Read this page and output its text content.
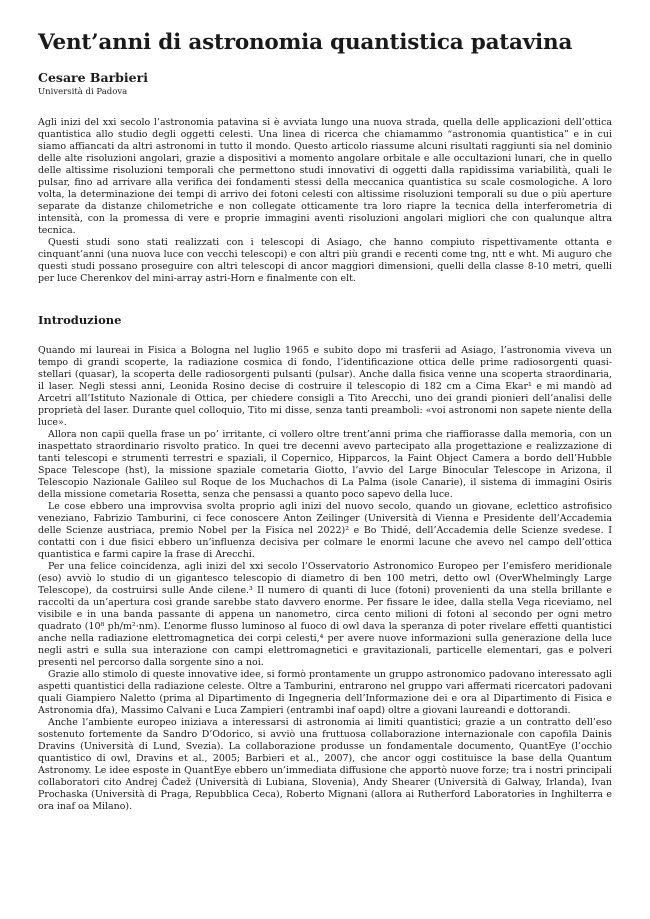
Vent’anni di astronomia quantistica patavina
Cesare Barbieri
Università di Padova

Agli inizi del xxi secolo l’astronomia patavina si è avviata lungo una nuova strada, quella delle applicazioni dell’ottica quantistica allo studio degli oggetti celesti. Una linea di ricerca che chiamammo “astronomia quantistica” e in cui siamo affiancati da altri astronomi in tutto il mondo. Questo articolo riassume alcuni risultati raggiunti sia nel dominio delle alte risoluzioni angolari, grazie a dispositivi a momento angolare orbitale e alle occultazioni lunari, che in quello delle altissime risoluzioni temporali che permettono studi innovativi di oggetti dalla rapidissima variabilità, quali le pulsar, fino ad arrivare alla verifica dei fondamenti stessi della meccanica quantistica su scale cosmologiche. A loro volta, la determinazione dei tempi di arrivo dei fotoni celesti con altissime risoluzioni temporali su due o più aperture separate da distanze chilometriche e non collegate otticamente tra loro riapre la tecnica della interferometria di intensità, con la promessa di vere e proprie immagini aventi risoluzioni angolari migliori che con qualunque altra tecnica.

Questi studi sono stati realizzati con i telescopi di Asiago, che hanno compiuto rispettivamente ottanta e cinquant’anni (una nuova luce con vecchi telescopi) e con altri più grandi e recenti come tng, ntt e wht. Mi auguro che questi studi possano proseguire con altri telescopi di ancor maggiori dimensioni, quelli della classe 8-10 metri, quelli per luce Cherenkov del mini-array astri-Horn e finalmente con elt.

Introduzione

Quando mi laureai in Fisica a Bologna nel luglio 1965 e subito dopo mi trasferii ad Asiago, l’astronomia viveva un tempo di grandi scoperte, la radiazione cosmica di fondo, l’identificazione ottica delle prime radiosorgenti quasi-stellari (quasar), la scoperta delle radiosorgenti pulsanti (pulsar). Anche dalla fisica venne una scoperta straordinaria, il laser. Negli stessi anni, Leonida Rosino decise di costruire il telescopio di 182 cm a Cima Ekar¹ e mi mandò ad Arcetri all’Istituto Nazionale di Ottica, per chiedere consigli a Tito Arecchi, uno dei grandi pionieri dell’analisi delle proprietà del laser. Durante quel colloquio, Tito mi disse, senza tanti preamboli: «voi astronomi non sapete niente della luce».

Allora non capii quella frase un po’ irritante, ci vollero oltre trent’anni prima che riaffiorasse dalla memoria, con un inaspettato straordinario risvolto pratico. In quei tre decenni avevo partecipato alla progettazione e realizzazione di tanti telescopi e strumenti terrestri e spaziali, il Copernico, Hipparcos, la Faint Object Camera a bordo dell’Hubble Space Telescope (hst), la missione spaziale cometaria Giotto, l’avvio del Large Binocular Telescope in Arizona, il Telescopio Nazionale Galileo sul Roque de los Muchachos di La Palma (isole Canarie), il sistema di immagini Osiris della missione cometaria Rosetta, senza che pensassi a quanto poco sapevo della luce.

Le cose ebbero una improvvisa svolta proprio agli inizi del nuovo secolo, quando un giovane, eclettico astrofisico veneziano, Fabrizio Tamburini, ci fece conoscere Anton Zeilinger (Università di Vienna e Presidente dell’Accademia delle Scienze austriaca, premio Nobel per la Fisica nel 2022)² e Bo Thidé, dell’Accademia delle Scienze svedese. I contatti con i due fisici ebbero un’influenza decisiva per colmare le enormi lacune che avevo nel campo dell’ottica quantistica e farmi capire la frase di Arecchi.

Per una felice coincidenza, agli inizi del xxi secolo l’Osservatorio Astronomico Europeo per l’emisfero meridionale (eso) avviò lo studio di un gigantesco telescopio di diametro di ben 100 metri, detto owl (OverWhelmingly Large Telescope), da costruirsi sulle Ande cilene.³ Il numero di quanti di luce (fotoni) provenienti da una stella brillante e raccolti da un’apertura così grande sarebbe stato davvero enorme. Per fissare le idee, dalla stella Vega riceviamo, nel visibile e in una banda passante di appena un nanometro, circa cento milioni di fotoni al secondo per ogni metro quadrato (10⁸ ph/m²·nm). L’enorme flusso luminoso al fuoco di owl dava la speranza di poter rivelare effetti quantistici anche nella radiazione elettromagnetica dei corpi celesti,⁴ per avere nuove informazioni sulla generazione della luce negli astri e sulla sua interazione con campi elettromagnetici e gravitazionali, particelle elementari, gas e polveri presenti nel percorso dalla sorgente sino a noi.

Grazie allo stimolo di queste innovative idee, si formò prontamente un gruppo astronomico padovano interessato agli aspetti quantistici della radiazione celeste. Oltre a Tamburini, entrarono nel gruppo vari affermati ricercatori padovani quali Giampiero Naletto (prima al Dipartimento di Ingegneria dell’Informazione dei e ora al Dipartimento di Fisica e Astronomia dfa), Massimo Calvani e Luca Zampieri (entrambi inaf oapd) oltre a giovani laureandi e dottorandi.

Anche l’ambiente europeo iniziava a interessarsi di astronomia ai limiti quantistici; grazie a un contratto dell’eso sostenuto fortemente da Sandro D’Odorico, si avviò una fruttuosa collaborazione internazionale con capofila Dainis Dravins (Università di Lund, Svezia). La collaborazione produsse un fondamentale documento, QuantEye (l’occhio quantistico di owl, Dravins et al., 2005; Barbieri et al., 2007), che ancor oggi costituisce la base della Quantum Astronomy. Le idee esposte in QuantEye ebbero un’immediata diffusione che apportò nuove forze; tra i nostri principali collaboratori cito Andrej Čadež (Università di Lubiana, Slovenia), Andy Shearer (Università di Galway, Irlanda), Ivan Prochaska (Università di Praga, Repubblica Ceca), Roberto Mignani (allora ai Rutherford Laboratories in Inghilterra e ora inaf oa Milano).
